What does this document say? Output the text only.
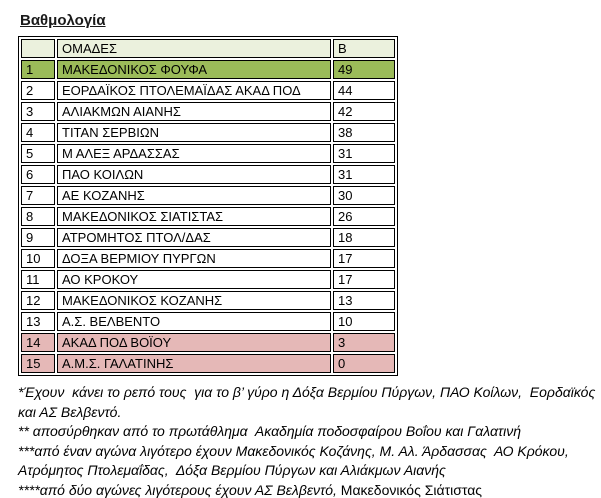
Βαθμολογία
	ΟΜΑΔΕΣ	Β
1	ΜΑΚΕΔΟΝΙΚΟΣ ΦΟΥΦΑ	49
2	ΕΟΡΔΑΪΚΟΣ ΠΤΟΛΕΜΑΪΔΑΣ ΑΚΑΔ ΠΟΔ	44
3	ΑΛΙΑΚΜΩΝ ΑΙΑΝΗΣ	42
4	ΤΙΤΑΝ ΣΕΡΒΙΩΝ	38
5	Μ ΑΛΕΞ ΑΡΔΑΣΣΑΣ	31
6	ΠΑΟ ΚΟΙΛΩΝ	31
7	ΑΕ ΚΟΖΑΝΗΣ	30
8	ΜΑΚΕΔΟΝΙΚΟΣ ΣΙΑΤΙΣΤΑΣ	26
9	ΑΤΡΟΜΗΤΟΣ ΠΤΟΛ/ΔΑΣ	18
10	ΔΟΞΑ ΒΕΡΜΙΟΥ ΠΥΡΓΩΝ	17
11	ΑΟ ΚΡΟΚΟΥ	17
12	ΜΑΚΕΔΟΝΙΚΟΣ ΚΟΖΑΝΗΣ	13
13	Α.Σ. ΒΕΛΒΕΝΤΟ	10
14	ΑΚΑΔ ΠΟΔ ΒΟΪΟΥ	3
15	Α.Μ.Σ. ΓΑΛΑΤΙΝΗΣ	0

*Έχουν  κάνει το ρεπό τους  για το β’ γύρο η Δόξα Βερμίου Πύργων, ΠΑΟ Κοίλων,  Εορδαϊκός και ΑΣ Βελβεντό.

** αποσύρθηκαν από το πρωτάθλημα  Ακαδημία ποδοσφαίρου Βοΐου και Γαλατινή

***από έναν αγώνα λιγότερο έχουν Μακεδονικός Κοζάνης, Μ. Αλ. Άρδασσας  ΑΟ Κρόκου, Ατρόμητος Πτολεμαΐδας,  Δόξα Βερμίου Πύργων και Αλιάκμων Αιανής

****από δύο αγώνες λιγότερους έχουν ΑΣ Βελβεντό, Μακεδονικός Σιάτιστας
